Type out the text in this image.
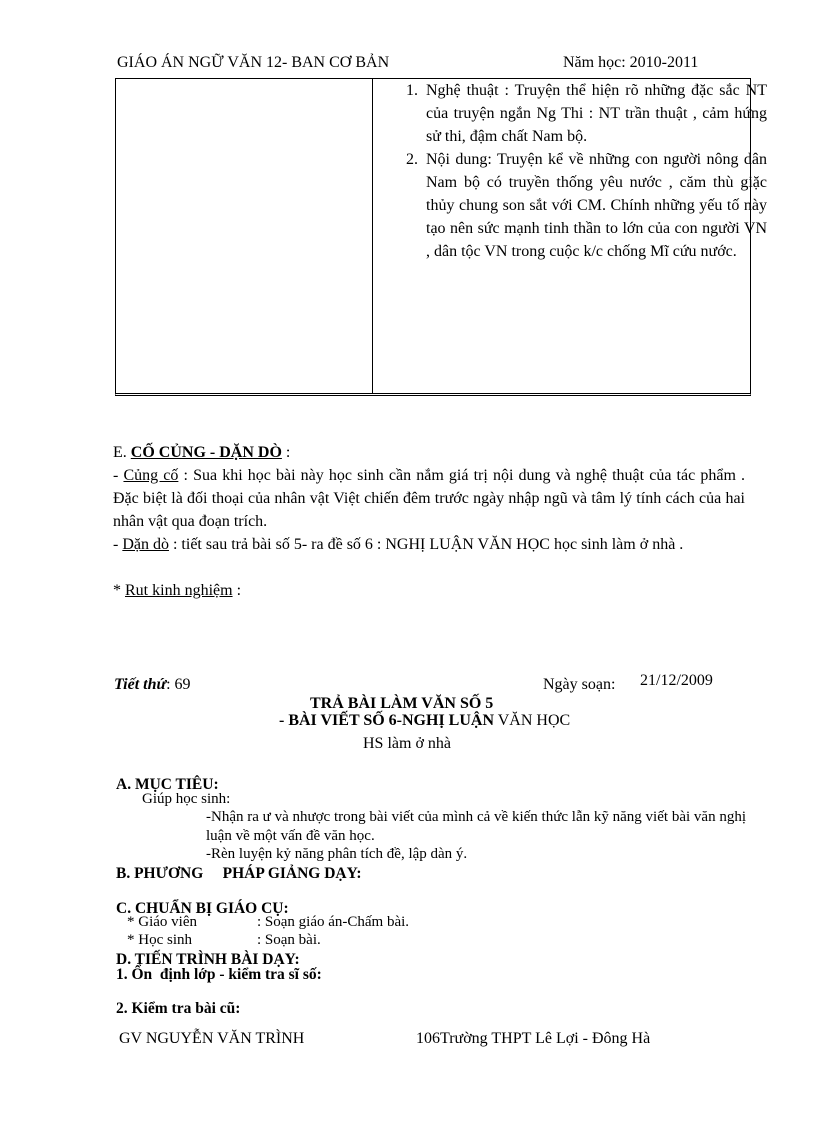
GIÁO ÁN NGỮ VĂN 12- BAN CƠ BẢN	Năm học: 2010-2011
1. Nghệ thuật : Truyện thể hiện rõ những đặc sắc NT của truyện ngắn Ng Thi : NT trần thuật , cảm hứng sử thi, đậm chất Nam bộ.
2. Nội dung: Truyện kể về những con người nông dân Nam bộ có truyền thống yêu nước , căm thù giặc thủy chung son sắt với CM. Chính những yếu tố này tạo nên sức mạnh tinh thần to lớn của con người VN , dân tộc VN trong cuộc k/c chống Mĩ cứu nước.
E. CỐ CỦNG - DẶN DÒ :
- Củng cố : Sua khi học bài này học sinh cần nắm giá trị nội dung và nghệ thuật của tác phẩm . Đặc biệt là đối thoại của nhân vật Việt chiến đêm trước ngày nhập ngũ và tâm lý tính cách của hai nhân vật qua đoạn trích.
- Dặn dò : tiết sau trả bài số 5- ra đề số 6 : NGHỊ LUẬN VĂN HỌC học sinh làm ở nhà .
* Rut kinh nghiệm :
Tiết thứ: 69	Ngày soạn: 21/12/2009
TRẢ BÀI LÀM VĂN SỐ 5
- BÀI VIẾT SỐ 6-NGHỊ LUẬN VĂN HỌC
HS làm ở nhà
A. MỤC TIÊU:
Giúp học sinh:
-Nhận ra ư và nhược trong bài viết của mình cả về kiến thức lẫn kỹ năng viết bài văn nghị luận về một vấn đề văn học.
-Rèn luyện kỷ năng phân tích đề, lập dàn ý.
B. PHƯƠNG     PHÁP GIẢNG DẠY:
C. CHUẨN BỊ GIÁO CỤ:
* Giáo viên	: Soạn giáo án-Chấm bài.
* Học sinh	: Soạn bài.
D. TIẾN TRÌNH BÀI DẠY:
1. Ổn  định lớp - kiểm tra sĩ số:
2. Kiểm tra bài cũ:
GV NGUYỄN VĂN TRÌNH	106 Trường THPT Lê Lợi - Đông Hà
